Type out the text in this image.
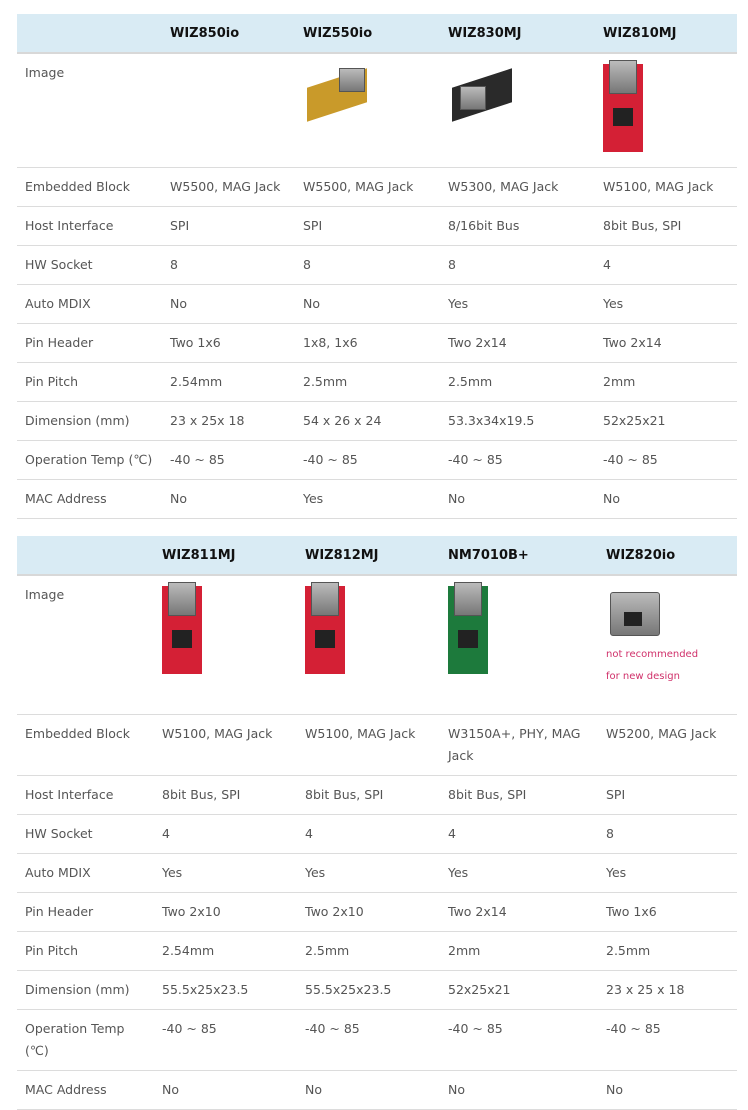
	WIZ850io	WIZ550io	WIZ830MJ	WIZ810MJ
Image		

Embedded Block	W5500, MAG Jack	W5500, MAG Jack	W5300, MAG Jack	W5100, MAG Jack
Host Interface	SPI	SPI	8/16bit Bus	8bit Bus, SPI
HW Socket	8	8	8	4
Auto MDIX	No	No	Yes	Yes
Pin Header	Two 1x6	1x8, 1x6	Two 2x14	Two 2x14
Pin Pitch	2.54mm	2.5mm	2.5mm	2mm
Dimension (mm)	23 x 25x 18	54 x 26 x 24	53.3x34x19.5	52x25x21
Operation Temp (℃)	-40 ~ 85	-40 ~ 85	-40 ~ 85	-40 ~ 85
MAC Address	No	Yes	No	No
	WIZ811MJ	WIZ812MJ	NM7010B+	WIZ820io
Image				not recommended
for new design

Embedded Block	W5100, MAG Jack	W5100, MAG Jack	W3150A+, PHY, MAG Jack	W5200, MAG Jack
Host Interface	8bit Bus, SPI	8bit Bus, SPI	8bit Bus, SPI	SPI
HW Socket	4	4	4	8
Auto MDIX	Yes	Yes	Yes	Yes
Pin Header	Two 2x10	Two 2x10	Two 2x14	Two 1x6
Pin Pitch	2.54mm	2.5mm	2mm	2.5mm
Dimension (mm)	55.5x25x23.5	55.5x25x23.5	52x25x21	23 x 25 x 18
Operation Temp (℃)	-40 ~ 85	-40 ~ 85	-40 ~ 85	-40 ~ 85
MAC Address	No	No	No	No
